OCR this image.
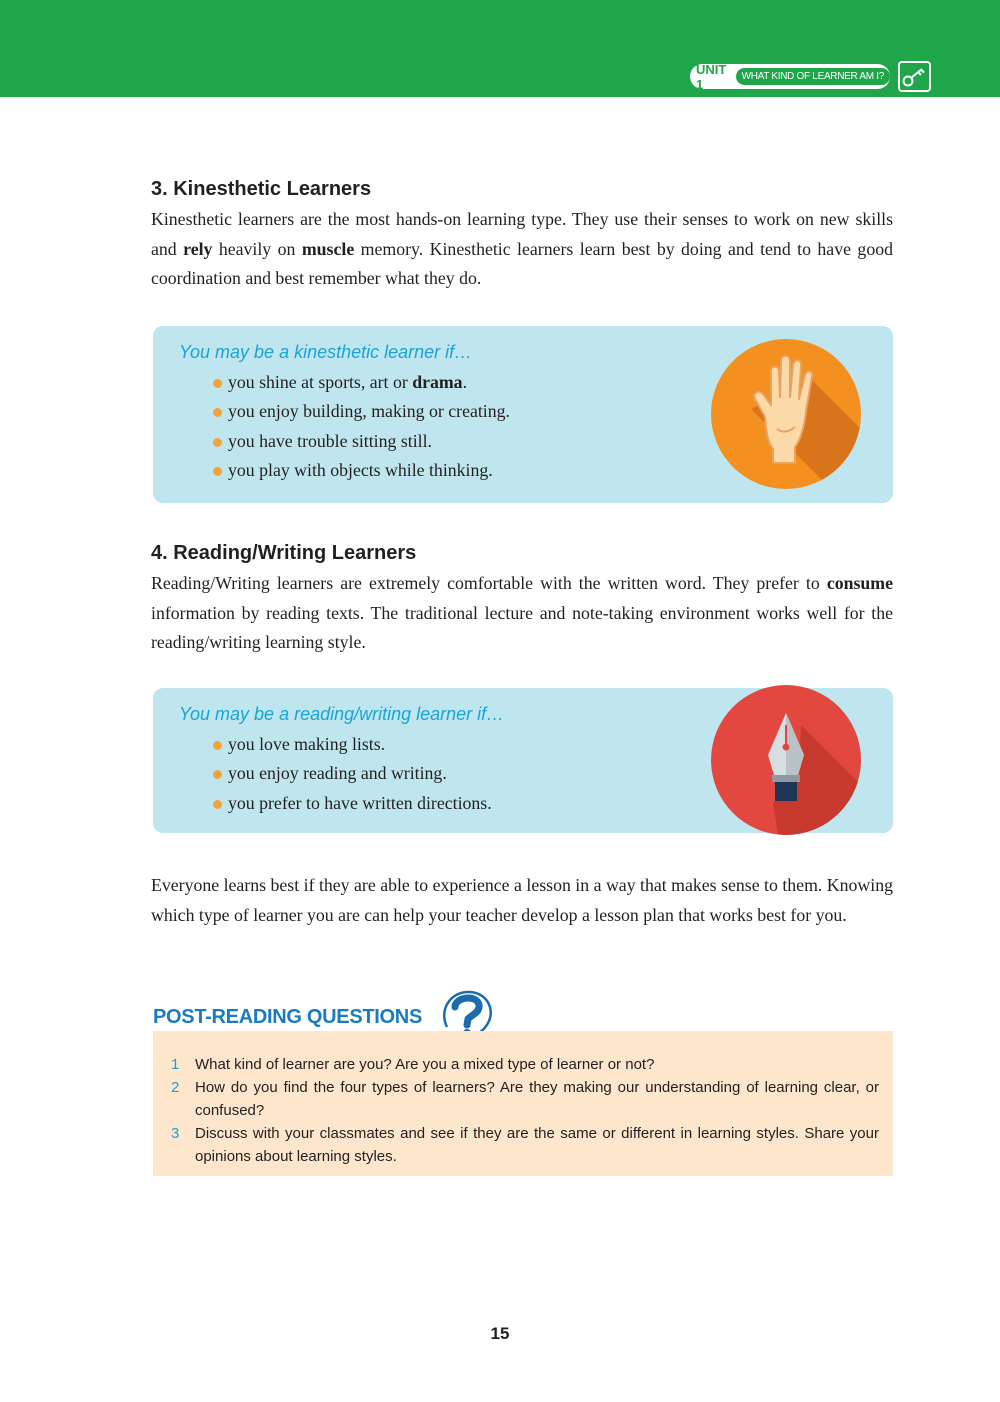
UNIT 1	WHAT KIND OF LEARNER AM I?
3. Kinesthetic Learners

Kinesthetic learners are the most hands-on learning type. They use their senses to work on new skills and rely heavily on muscle memory. Kinesthetic learners learn best by doing and tend to have good coordination and best remember what they do.

You may be a kinesthetic learner if…

you shine at sports, art or drama.
you enjoy building, making or creating.
you have trouble sitting still.
you play with objects while thinking.
4. Reading/Writing Learners

Reading/Writing learners are extremely comfortable with the written word. They prefer to consume information by reading texts. The traditional lecture and note-taking environment works well for the reading/writing learning style.

You may be a reading/writing learner if…

you love making lists.
you enjoy reading and writing.
you prefer to have written directions.

Everyone learns best if they are able to experience a lesson in a way that makes sense to them. Knowing which type of learner you are can help your teacher develop a lesson plan that works best for you.

POST-READING QUESTIONS
1	What kind of learner are you? Are you a mixed type of learner or not?
2	How do you find the four types of learners? Are they making our understanding of learning clear, or confused?
3	Discuss with your classmates and see if they are the same or different in learning styles. Share your opinions about learning styles.
15
